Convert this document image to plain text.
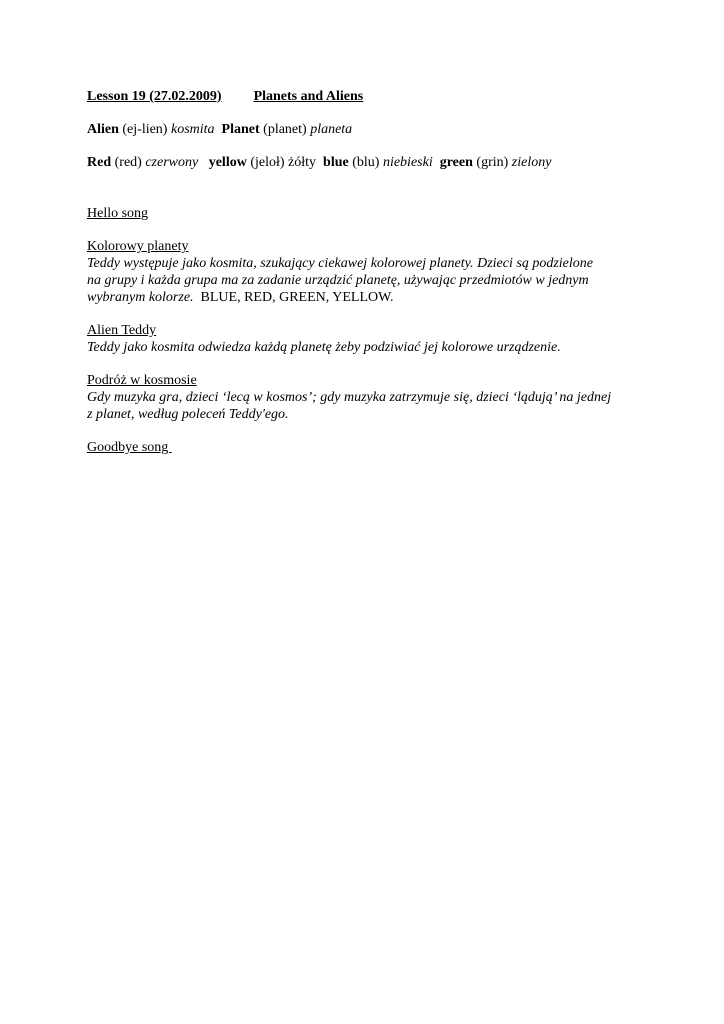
Lesson 19 (27.02.2009) Planets and Aliens
Alien (ej-lien) kosmita Planet (planet) planeta
Red (red) czerwony yellow (jeloł) żółty blue (blu) niebieski green (grin) zielony
Hello song
Kolorowy planety
Teddy występuje jako kosmita, szukający ciekawej kolorowej planety. Dzieci są podzielone
na grupy i każda grupa ma za zadanie urządzić planetę, używając przedmiotów w jednym
wybranym kolorze. BLUE, RED, GREEN, YELLOW.
Alien Teddy
Teddy jako kosmita odwiedza każdą planetę żeby podziwiać jej kolorowe urządzenie.
Podróż w kosmosie
Gdy muzyka gra, dzieci ‘lecą w kosmos’; gdy muzyka zatrzymuje się, dzieci ‘lądują’ na jednej
z planet, według poleceń Teddy'ego.
Goodbye song
